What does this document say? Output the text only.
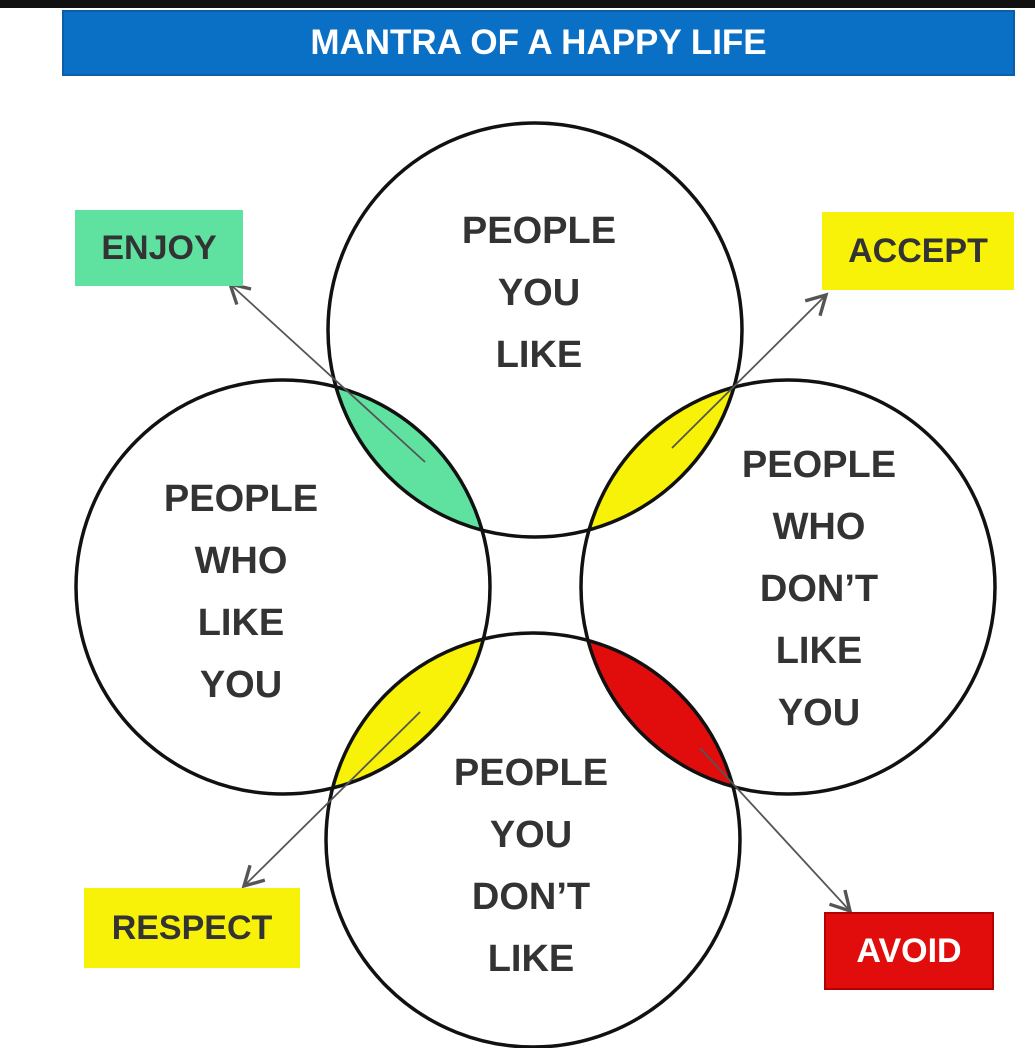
MANTRA OF A HAPPY LIFE
PEOPLE
YOU
LIKE
PEOPLE
WHO
LIKE
YOU
PEOPLE
WHO
DON’T
LIKE
YOU
PEOPLE
YOU
DON’T
LIKE
ENJOY	ACCEPT
RESPECT
AVOID
